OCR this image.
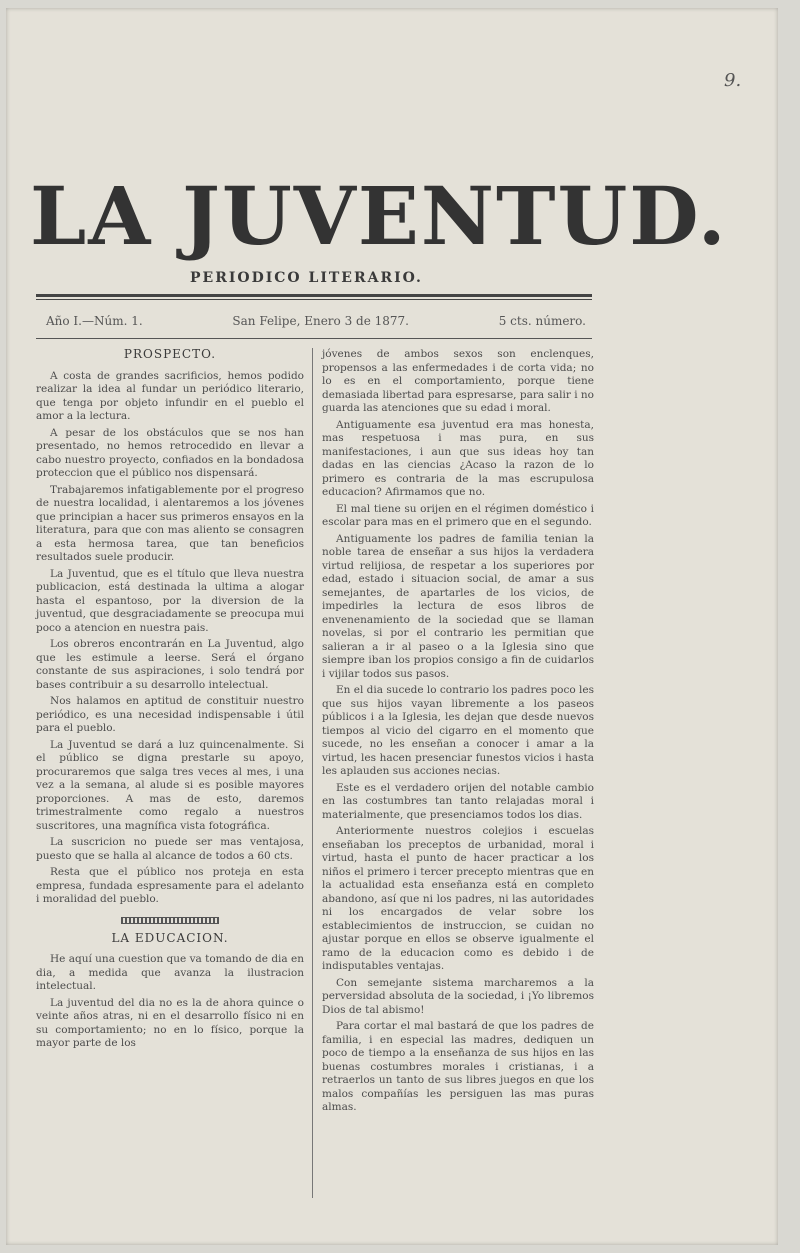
9.
LA JUVENTUD.
PERIODICO LITERARIO.
Año I.—Núm. 1.	San Felipe, Enero 3 de 1877.	5 cts. número.
PROSPECTO.

A costa de grandes sacrificios, hemos podido realizar la idea al fundar un periódico literario, que tenga por objeto infundir en el pueblo el amor a la lectura.

A pesar de los obstáculos que se nos han presentado, no hemos retrocedido en llevar a cabo nuestro proyecto, confiados en la bondadosa proteccion que el público nos dispensará.

Trabajaremos infatigablemente por el progreso de nuestra localidad, i alentaremos a los jóvenes que principian a hacer sus primeros ensayos en la literatura, para que con mas aliento se consagren a esta hermosa tarea, que tan beneficios resultados suele producir.

La Juventud, que es el título que lleva nuestra publicacion, está destinada la ultima a alogar hasta el espantoso, por la diversion de la juventud, que desgraciadamente se preocupa mui poco a atencion en nuestra pais.

Los obreros encontrarán en La Juventud, algo que les estimule a leerse. Será el órgano constante de sus aspiraciones, i solo tendrá por bases contribuir a su desarrollo intelectual.

Nos halamos en aptitud de constituir nuestro periódico, es una necesidad indispensable i útil para el pueblo.

La Juventud se dará a luz quincenalmente. Si el público se digna prestarle su apoyo, procuraremos que salga tres veces al mes, i una vez a la semana, al alude si es posible mayores proporciones. A mas de esto, daremos trimestralmente como regalo a nuestros suscritores, una magnífica vista fotográfica.

La suscricion no puede ser mas ventajosa, puesto que se halla al alcance de todos a 60 cts.

Resta que el público nos proteja en esta empresa, fundada espresamente para el adelanto i moralidad del pueblo.

LA EDUCACION.

He aquí una cuestion que va tomando de dia en dia, a medida que avanza la ilustracion intelectual.

La juventud del dia no es la de ahora quince o veinte años atras, ni en el desarrollo físico ni en su comportamiento; no en lo físico, porque la mayor parte de los

jóvenes de ambos sexos son enclenques, propensos a las enfermedades i de corta vida; no lo es en el comportamiento, porque tiene demasiada libertad para espresarse, para salir i no guarda las atenciones que su edad i moral.

Antiguamente esa juventud era mas honesta, mas respetuosa i mas pura, en sus manifestaciones, i aun que sus ideas hoy tan dadas en las ciencias ¿Acaso la razon de lo primero es contraria de la mas escrupulosa educacion? Afirmamos que no.

El mal tiene su orijen en el régimen doméstico i escolar para mas en el primero que en el segundo.

Antiguamente los padres de familia tenian la noble tarea de enseñar a sus hijos la verdadera virtud relijiosa, de respetar a los superiores por edad, estado i situacion social, de amar a sus semejantes, de apartarles de los vicios, de impedirles la lectura de esos libros de envenenamiento de la sociedad que se llaman novelas, si por el contrario les permitian que salieran a ir al paseo o a la Iglesia sino que siempre iban los propios consigo a fin de cuidarlos i vijilar todos sus pasos.

En el dia sucede lo contrario los padres poco les que sus hijos vayan libremente a los paseos públicos i a la Iglesia, les dejan que desde nuevos tiempos al vicio del cigarro en el momento que sucede, no les enseñan a conocer i amar a la virtud, les hacen presenciar funestos vicios i hasta les aplauden sus acciones necias.

Este es el verdadero orijen del notable cambio en las costumbres tan tanto relajadas moral i materialmente, que presenciamos todos los dias.

Anteriormente nuestros colejios i escuelas enseñaban los preceptos de urbanidad, moral i virtud, hasta el punto de hacer practicar a los niños el primero i tercer precepto mientras que en la actualidad esta enseñanza está en completo abandono, así que ni los padres, ni las autoridades ni los encargados de velar sobre los establecimientos de instruccion, se cuidan no ajustar porque en ellos se observe igualmente el ramo de la educacion como es debido i de indisputables ventajas.

Con semejante sistema marcharemos a la perversidad absoluta de la sociedad, i ¡Yo libremos Dios de tal abismo!

Para cortar el mal bastará de que los padres de familia, i en especial las madres, dediquen un poco de tiempo a la enseñanza de sus hijos en las buenas costumbres morales i cristianas, i a retraerlos un tanto de sus libres juegos en que los malos compañías les persiguen las mas puras almas.
